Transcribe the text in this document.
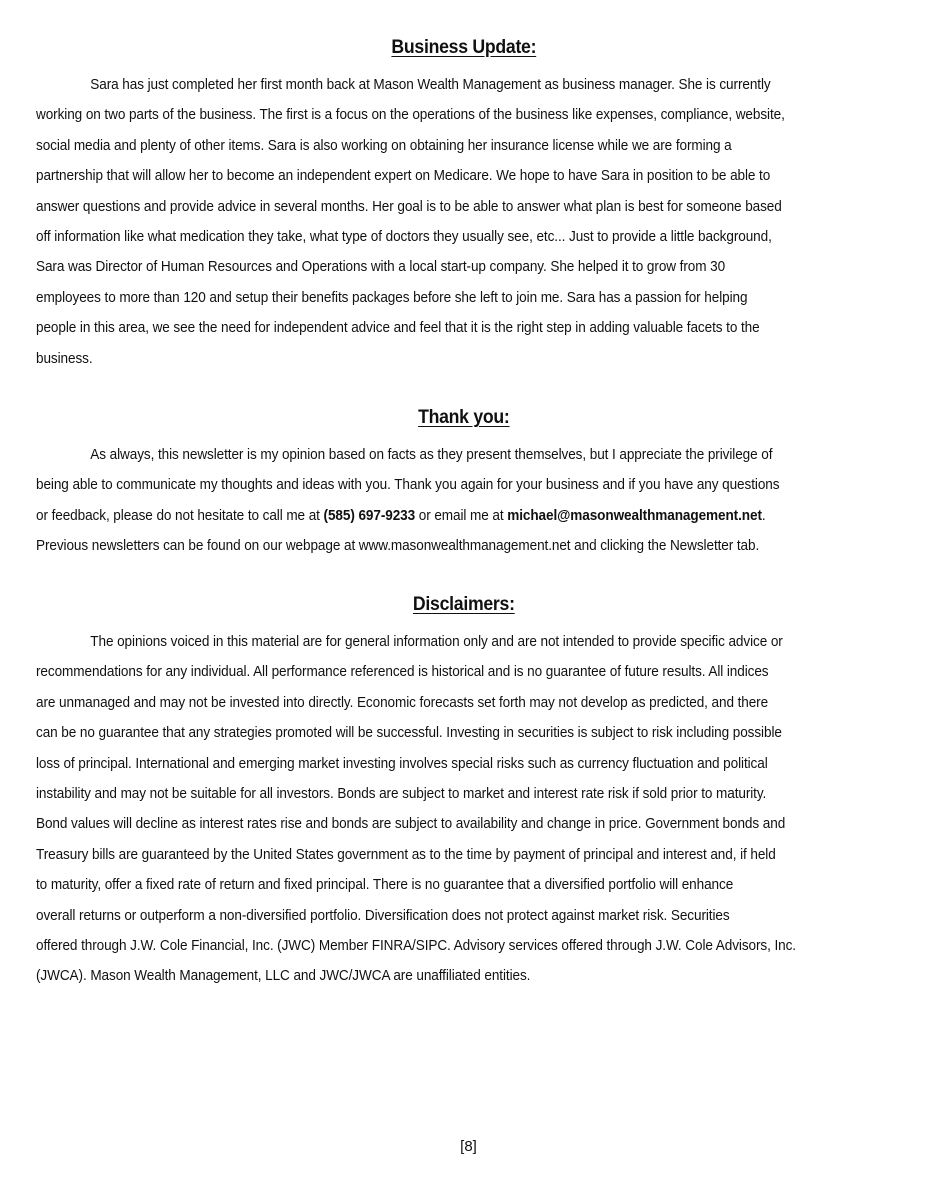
Business Update:
Sara has just completed her first month back at Mason Wealth Management as business manager. She is currently
working on two parts of the business. The first is a focus on the operations of the business like expenses, compliance, website,
social media and plenty of other items. Sara is also working on obtaining her insurance license while we are forming a
partnership that will allow her to become an independent expert on Medicare. We hope to have Sara in position to be able to
answer questions and provide advice in several months. Her goal is to be able to answer what plan is best for someone based
off information like what medication they take, what type of doctors they usually see, etc... Just to provide a little background,
Sara was Director of Human Resources and Operations with a local start-up company. She helped it to grow from 30
employees to more than 120 and setup their benefits packages before she left to join me. Sara has a passion for helping
people in this area, we see the need for independent advice and feel that it is the right step in adding valuable facets to the
business.
Thank you:
As always, this newsletter is my opinion based on facts as they present themselves, but I appreciate the privilege of
being able to communicate my thoughts and ideas with you. Thank you again for your business and if you have any questions
or feedback, please do not hesitate to call me at (585) 697-9233 or email me at michael@masonwealthmanagement.net.
Previous newsletters can be found on our webpage at www.masonwealthmanagement.net and clicking the Newsletter tab.
Disclaimers:
The opinions voiced in this material are for general information only and are not intended to provide specific advice or
recommendations for any individual. All performance referenced is historical and is no guarantee of future results. All indices
are unmanaged and may not be invested into directly. Economic forecasts set forth may not develop as predicted, and there
can be no guarantee that any strategies promoted will be successful. Investing in securities is subject to risk including possible
loss of principal. International and emerging market investing involves special risks such as currency fluctuation and political
instability and may not be suitable for all investors. Bonds are subject to market and interest rate risk if sold prior to maturity.
Bond values will decline as interest rates rise and bonds are subject to availability and change in price. Government bonds and
Treasury bills are guaranteed by the United States government as to the time by payment of principal and interest and, if held
to maturity, offer a fixed rate of return and fixed principal. There is no guarantee that a diversified portfolio will enhance
overall returns or outperform a non-diversified portfolio. Diversification does not protect against market risk. Securities
offered through J.W. Cole Financial, Inc. (JWC) Member FINRA/SIPC. Advisory services offered through J.W. Cole Advisors, Inc.
(JWCA). Mason Wealth Management, LLC and JWC/JWCA are unaffiliated entities.
[8]
